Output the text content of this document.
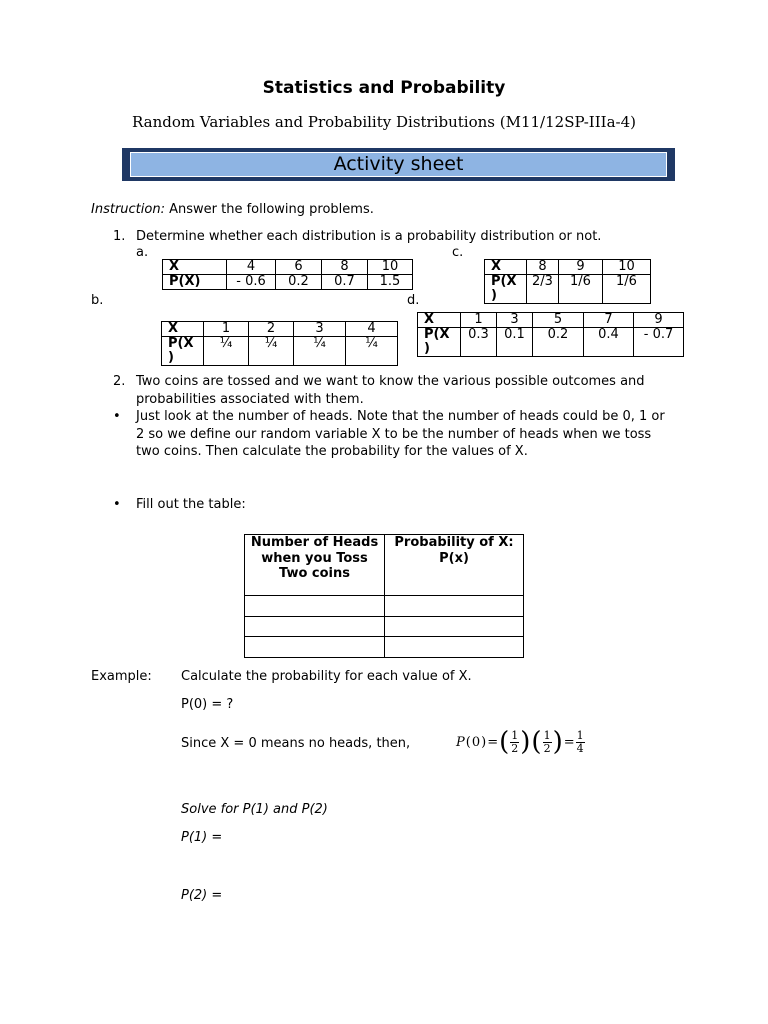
Statistics and Probability
Random Variables and Probability Distributions (M11/12SP-IIIa-4)
Activity sheet
Instruction: Answer the following problems.
1. Determine whether each distribution is a probability distribution or not.
a.	c.
b.	d.
X	4	6	8	10
P(X)	- 0.6	0.2	0.7	1.5
X	8	9	10
P(X )	2/3	1/6	1/6
X	1	2	3	4
P(X )	¼	¼	¼	¼
X	1	3	5	7	9
P(X )	0.3	0.1	0.2	0.4	- 0.7
2. Two coins are tossed and we want to know the various possible outcomes and probabilities associated with them.
• Just look at the number of heads. Note that the number of heads could be 0, 1 or 2 so we define our random variable X to be the number of heads when we toss two coins. Then calculate the probability for the values of X.
• Fill out the table:
Number of Heads when you Toss Two coins	Probability of X: P(x)

Example: Calculate the probability for each value of X.
P(0) = ?
Since X = 0 means no heads, then,	P ( 0 ) = ( $\frac{1}{2}$ ) ( $\frac{1}{2}$ ) = $\frac{1}{4}$
Solve for P(1) and P(2)
P(1) =
P(2) =
